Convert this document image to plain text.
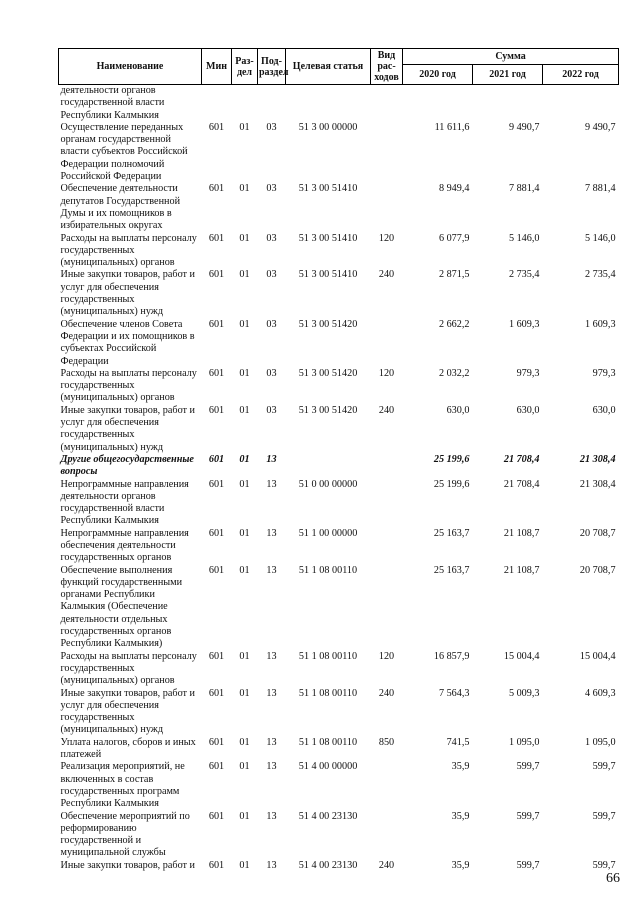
Наименование	Мин	Раз-дел	Под-раздел	Целевая статья	Вид рас-ходов	Сумма		
						2020 год	2021 год	2022 год
деятельности органов государственной власти Республики Калмыкия								
Осуществление переданных органам государственной власти субъектов Российской Федерации полномочий Российской Федерации	601	01	03	51 3 00 00000		11 611,6	9 490,7	9 490,7
Обеспечение деятельности депутатов Государственной Думы и их помощников в избирательных округах	601	01	03	51 3 00 51410		8 949,4	7 881,4	7 881,4
Расходы на выплаты персоналу государственных (муниципальных) органов	601	01	03	51 3 00 51410	120	6 077,9	5 146,0	5 146,0
Иные закупки товаров, работ и услуг для обеспечения государственных (муниципальных) нужд	601	01	03	51 3 00 51410	240	2 871,5	2 735,4	2 735,4
Обеспечение членов Совета Федерации и их помощников в субъектах Российской Федерации	601	01	03	51 3 00 51420		2 662,2	1 609,3	1 609,3
Расходы на выплаты персоналу государственных (муниципальных) органов	601	01	03	51 3 00 51420	120	2 032,2	979,3	979,3
Иные закупки товаров, работ и услуг для обеспечения государственных (муниципальных) нужд	601	01	03	51 3 00 51420	240	630,0	630,0	630,0
Другие общегосударственные вопросы	601	01	13			25 199,6	21 708,4	21 308,4
Непрограммные направления деятельности органов государственной власти Республики Калмыкия	601	01	13	51 0 00 00000		25 199,6	21 708,4	21 308,4
Непрограммные направления обеспечения деятельности государственных органов	601	01	13	51 1 00 00000		25 163,7	21 108,7	20 708,7
Обеспечение выполнения функций государственными органами Республики Калмыкия (Обеспечение деятельности отдельных государственных органов Республики Калмыкия)	601	01	13	51 1 08 00110		25 163,7	21 108,7	20 708,7
Расходы на выплаты персоналу государственных (муниципальных) органов	601	01	13	51 1 08 00110	120	16 857,9	15 004,4	15 004,4
Иные закупки товаров, работ и услуг для обеспечения государственных (муниципальных) нужд	601	01	13	51 1 08 00110	240	7 564,3	5 009,3	4 609,3
Уплата налогов, сборов и иных платежей	601	01	13	51 1 08 00110	850	741,5	1 095,0	1 095,0
Реализация мероприятий, не включенных в состав государственных программ Республики Калмыкия	601	01	13	51 4 00 00000		35,9	599,7	599,7
Обеспечение мероприятий по реформированию государственной и муниципальной службы	601	01	13	51 4 00 23130		35,9	599,7	599,7
Иные закупки товаров, работ и	601	01	13	51 4 00 23130	240	35,9	599,7	599,7
66
